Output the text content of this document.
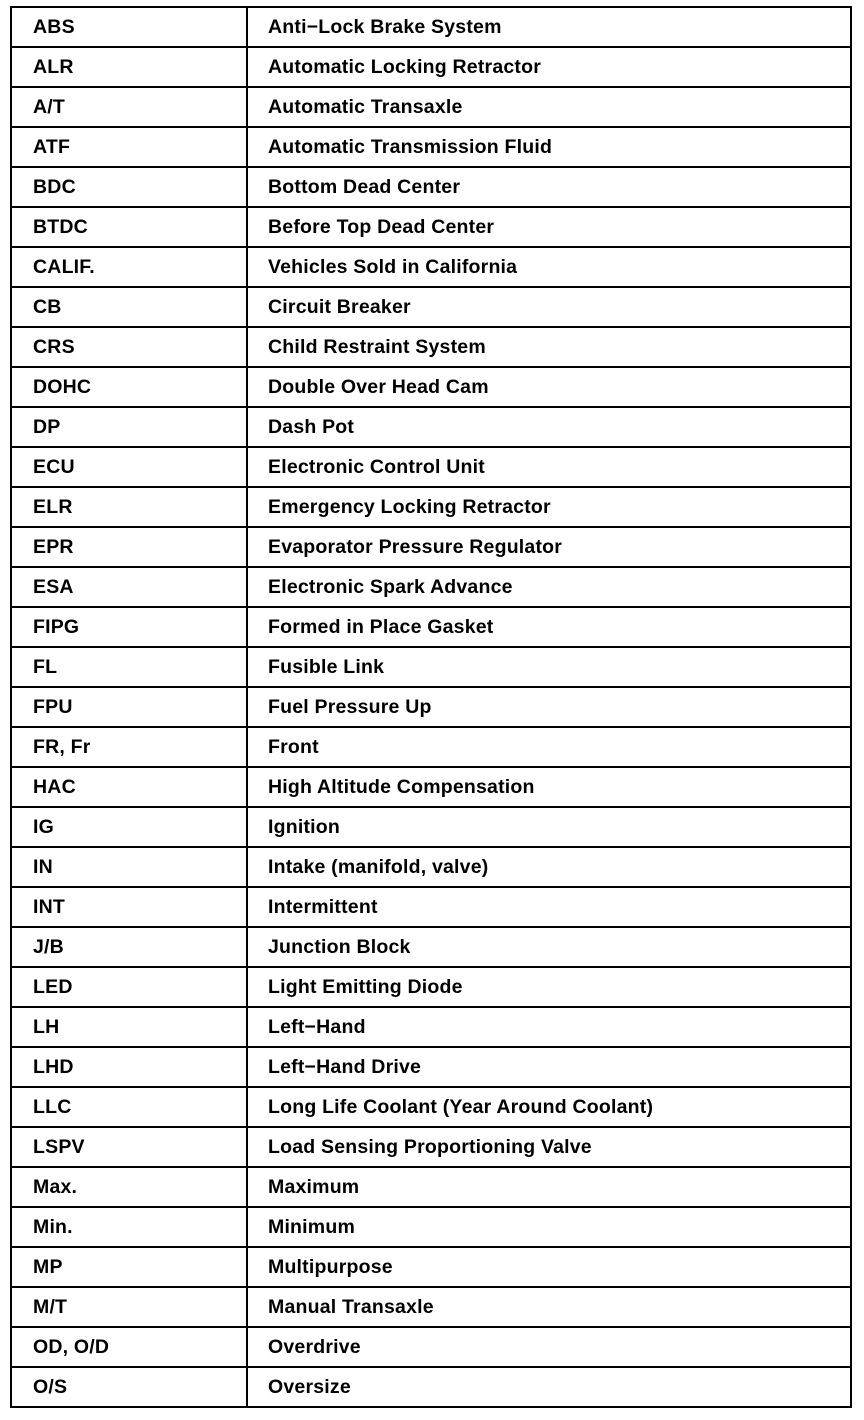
ABS	Anti−Lock Brake System
ALR	Automatic Locking Retractor
A/T	Automatic Transaxle
ATF	Automatic Transmission Fluid
BDC	Bottom Dead Center
BTDC	Before Top Dead Center
CALIF.	Vehicles Sold in California
CB	Circuit Breaker
CRS	Child Restraint System
DOHC	Double Over Head Cam
DP	Dash Pot
ECU	Electronic Control Unit
ELR	Emergency Locking Retractor
EPR	Evaporator Pressure Regulator
ESA	Electronic Spark Advance
FIPG	Formed in Place Gasket
FL	Fusible Link
FPU	Fuel Pressure Up
FR, Fr	Front
HAC	High Altitude Compensation
IG	Ignition
IN	Intake (manifold, valve)
INT	Intermittent
J/B	Junction Block
LED	Light Emitting Diode
LH	Left−Hand
LHD	Left−Hand Drive
LLC	Long Life Coolant (Year Around Coolant)
LSPV	Load Sensing Proportioning Valve
Max.	Maximum
Min.	Minimum
MP	Multipurpose
M/T	Manual Transaxle
OD, O/D	Overdrive
O/S	Oversize
